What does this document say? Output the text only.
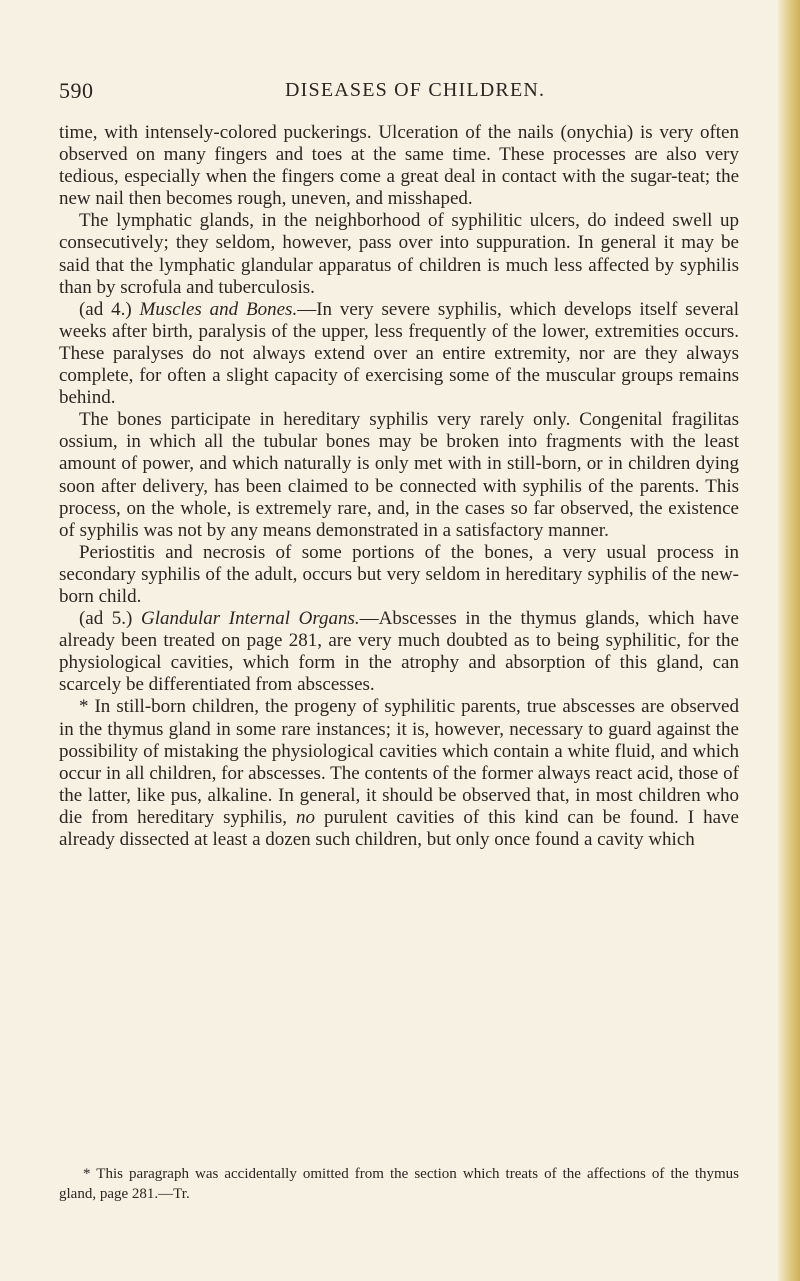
590	DISEASES OF CHILDREN.

time, with intensely-colored puckerings. Ulceration of the nails (onychia) is very often observed on many fingers and toes at the same time. These processes are also very tedious, especially when the fingers come a great deal in contact with the sugar-teat; the new nail then becomes rough, uneven, and misshaped.

The lymphatic glands, in the neighborhood of syphilitic ulcers, do indeed swell up consecutively; they seldom, however, pass over into suppuration. In general it may be said that the lymphatic glandular apparatus of children is much less affected by syphilis than by scrofula and tuberculosis.

(ad 4.) Muscles and Bones.—In very severe syphilis, which develops itself several weeks after birth, paralysis of the upper, less frequently of the lower, extremities occurs. These paralyses do not always extend over an entire extremity, nor are they always complete, for often a slight capacity of exercising some of the muscular groups remains behind.

The bones participate in hereditary syphilis very rarely only. Congenital fragilitas ossium, in which all the tubular bones may be broken into fragments with the least amount of power, and which naturally is only met with in still-born, or in children dying soon after delivery, has been claimed to be connected with syphilis of the parents. This process, on the whole, is extremely rare, and, in the cases so far observed, the existence of syphilis was not by any means demonstrated in a satisfactory manner.

Periostitis and necrosis of some portions of the bones, a very usual process in secondary syphilis of the adult, occurs but very seldom in hereditary syphilis of the new-born child.

(ad 5.) Glandular Internal Organs.—Abscesses in the thymus glands, which have already been treated on page 281, are very much doubted as to being syphilitic, for the physiological cavities, which form in the atrophy and absorption of this gland, can scarcely be differentiated from abscesses.

* In still-born children, the progeny of syphilitic parents, true abscesses are observed in the thymus gland in some rare instances; it is, however, necessary to guard against the possibility of mistaking the physiological cavities which contain a white fluid, and which occur in all children, for abscesses. The contents of the former always react acid, those of the latter, like pus, alkaline. In general, it should be observed that, in most children who die from hereditary syphilis, no purulent cavities of this kind can be found. I have already dissected at least a dozen such children, but only once found a cavity which

* This paragraph was accidentally omitted from the section which treats of the affections of the thymus gland, page 281.—Tr.
